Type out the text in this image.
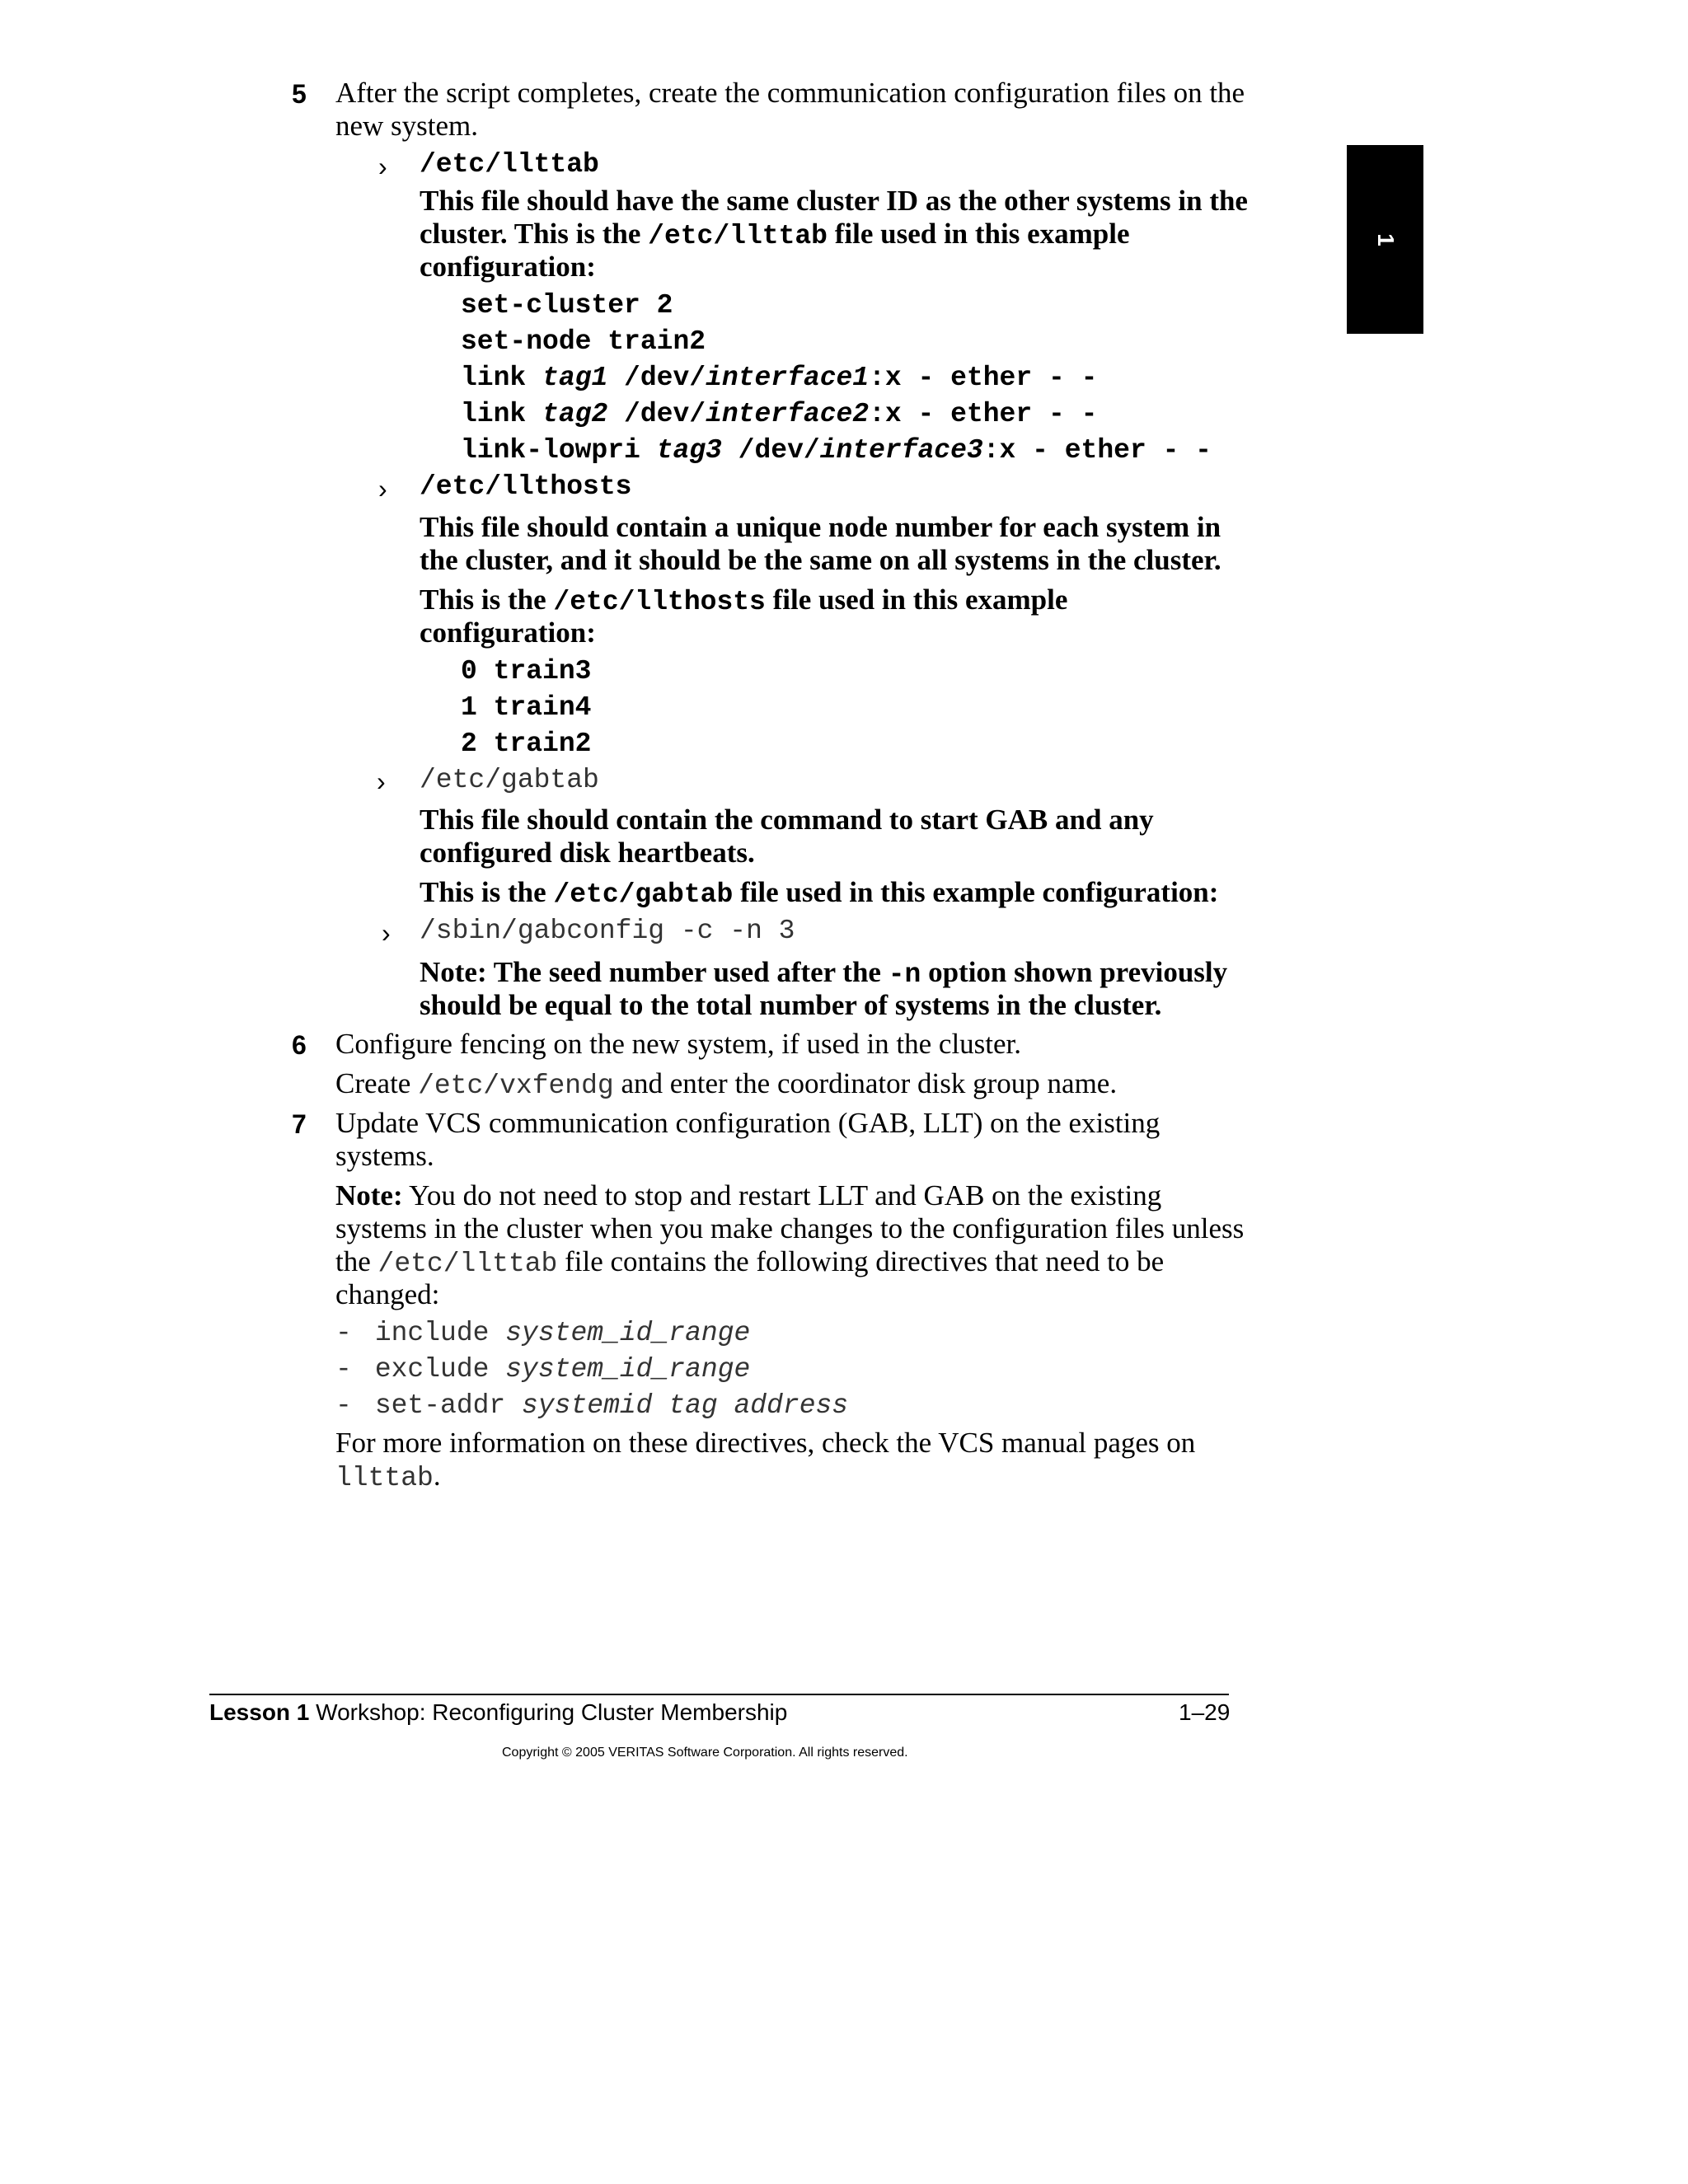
1
5 After the script completes, create the communication configuration files on the
new system.
› /etc/llttab
This file should have the same cluster ID as the other systems in the
cluster. This is the /etc/llttab file used in this example
configuration:
set-cluster 2
set-node train2
link tag1 /dev/interface1:x - ether - -
link tag2 /dev/interface2:x - ether - -
link-lowpri tag3 /dev/interface3:x - ether - -
› /etc/llthosts
This file should contain a unique node number for each system in
the cluster, and it should be the same on all systems in the cluster.
This is the /etc/llthosts file used in this example
configuration:
0 train3
1 train4
2 train2
› /etc/gabtab
This file should contain the command to start GAB and any
configured disk heartbeats.
This is the /etc/gabtab file used in this example configuration:
› /sbin/gabconfig -c -n 3
Note: The seed number used after the -n option shown previously
should be equal to the total number of systems in the cluster.
6 Configure fencing on the new system, if used in the cluster.
Create /etc/vxfendg and enter the coordinator disk group name.
7 Update VCS communication configuration (GAB, LLT) on the existing
systems.
Note: You do not need to stop and restart LLT and GAB on the existing
systems in the cluster when you make changes to the configuration files unless
the /etc/llttab file contains the following directives that need to be
changed:
- include system_id_range
- exclude system_id_range
- set-addr systemid tag address
For more information on these directives, check the VCS manual pages on
llttab.
Lesson 1 Workshop: Reconfiguring Cluster Membership	1–29
Copyright © 2005 VERITAS Software Corporation. All rights reserved.
